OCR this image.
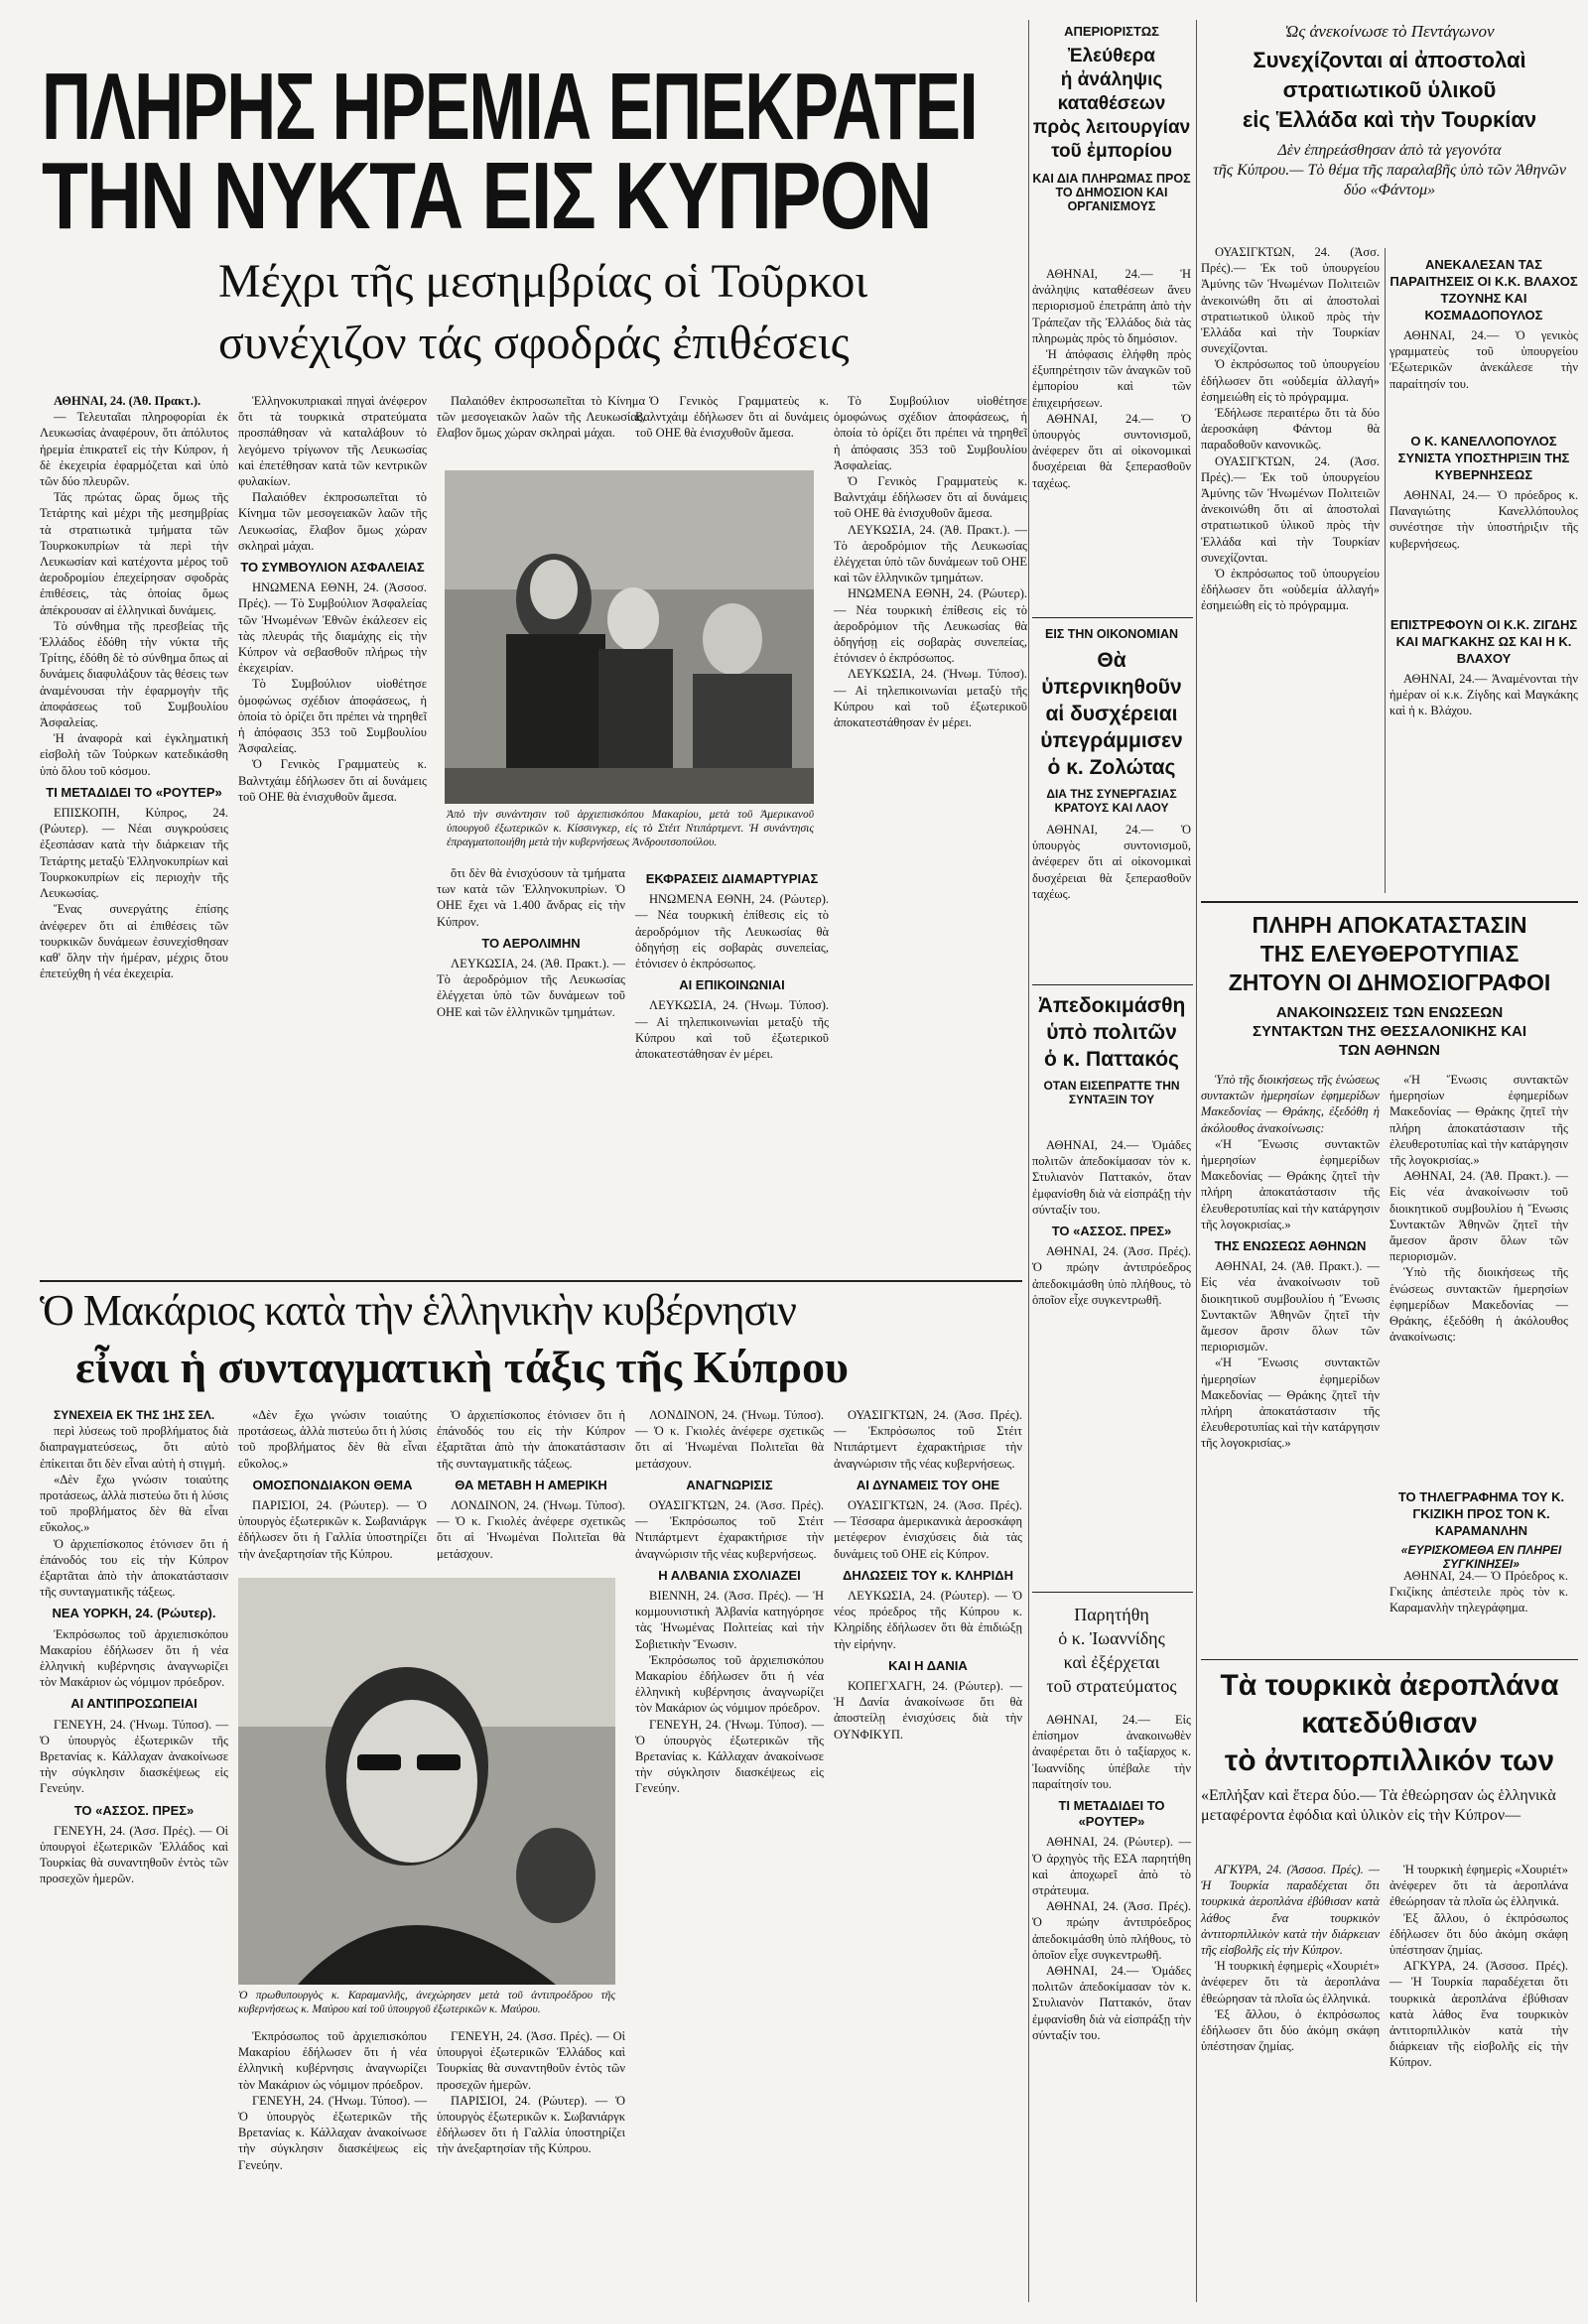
ΠΛΗΡΗΣ ΗΡΕΜΙΑ ΕΠΕΚΡΑΤΕΙ
ΤΗΝ ΝΥΚΤΑ ΕΙΣ ΚΥΠΡΟΝ
Μέχρι τῆς μεσημβρίας οἱ Τοῦρκοι
συνέχιζον τάς σφοδράς ἐπιθέσεις

ΑΘΗΝΑΙ, 24. (Ἀθ. Πρακτ.).

— Τελευταῖαι πληροφορίαι ἐκ Λευκωσίας ἀναφέρουν, ὅτι ἀπόλυτος ἠρεμία ἐπικρατεῖ εἰς τὴν Κύπρον, ἡ δὲ ἐκεχειρία ἐφαρμόζεται καὶ ὑπὸ τῶν δύο πλευρῶν.

Τάς πρώτας ὥρας ὅμως τῆς Τετάρτης καὶ μέχρι τῆς μεσημβρίας τὰ στρατιωτικὰ τμήματα τῶν Τουρκοκυπρίων τὰ περὶ τὴν Λευκωσίαν καὶ κατέχοντα μέρος τοῦ ἀεροδρομίου ἐπεχείρησαν σφοδρὰς ἐπιθέσεις, τὰς ὁποίας ὅμως ἀπέκρουσαν αἱ ἑλληνικαὶ δυνάμεις.

Τὸ σύνθημα τῆς πρεσβείας τῆς Ἑλλάδος ἐδόθη τὴν νύκτα τῆς Τρίτης, ἐδόθη δὲ τὸ σύνθημα ὅπως αἱ δυνάμεις διαφυλάξουν τὰς θέσεις των ἀναμένουσαι τὴν ἐφαρμογὴν τῆς ἀποφάσεως τοῦ Συμβουλίου Ἀσφαλείας.

Ἡ ἀναφορὰ καὶ ἐγκληματικὴ εἰσβολὴ τῶν Τούρκων κατεδικάσθη ὑπὸ ὅλου τοῦ κόσμου.

ΤΙ ΜΕΤΑΔΙΔΕΙ ΤΟ «ΡΟΥΤΕΡ»

ΕΠΙΣΚΟΠΗ, Κύπρος, 24. (Ρώυτερ). — Νέαι συγκρούσεις ἐξεσπάσαν κατὰ τὴν διάρκειαν τῆς Τετάρτης μεταξὺ Ἑλληνοκυπρίων καὶ Τουρκοκυπρίων εἰς περιοχὴν τῆς Λευκωσίας.

Ἕνας συνεργάτης ἐπίσης ἀνέφερεν ὅτι αἱ ἐπιθέσεις τῶν τουρκικῶν δυνάμεων ἐσυνεχίσθησαν καθ' ὅλην τὴν ἡμέραν, μέχρις ὅτου ἐπετεύχθη ἡ νέα ἐκεχειρία.

Ἑλληνοκυπριακαὶ πηγαὶ ἀνέφερον ὅτι τὰ τουρκικὰ στρατεύματα προσπάθησαν νὰ καταλάβουν τὸ λεγόμενο τρίγωνον τῆς Λευκωσίας καὶ ἐπετέθησαν κατὰ τῶν κεντρικῶν φυλακίων.

Παλαιόθεν ἐκπροσωπεῖται τὸ Κίνημα τῶν μεσογειακῶν λαῶν τῆς Λευκωσίας, ἔλαβον ὅμως χώραν σκληραὶ μάχαι.

ΤΟ ΣΥΜΒΟΥΛΙΟΝ ΑΣΦΑΛΕΙΑΣ

ΗΝΩΜΕΝΑ ΕΘΝΗ, 24. (Ἀσσοσ. Πρές). — Τὸ Συμβούλιον Ἀσφαλείας τῶν Ἡνωμένων Ἐθνῶν ἐκάλεσεν εἰς τὰς πλευράς τῆς διαμάχης εἰς τὴν Κύπρον νὰ σεβασθοῦν πλήρως τὴν ἐκεχειρίαν.

Τὸ Συμβούλιον υἱοθέτησε ὁμοφώνως σχέδιον ἀποφάσεως, ἡ ὁποία τὸ ὁρίζει ὅτι πρέπει νὰ τηρηθεῖ ἡ ἀπόφασις 353 τοῦ Συμβουλίου Ἀσφαλείας.

Ὁ Γενικὸς Γραμματεὺς κ. Βαλντχάιμ ἐδήλωσεν ὅτι αἱ δυνάμεις τοῦ ΟΗΕ θὰ ἐνισχυθοῦν ἄμεσα.

Παλαιόθεν ἐκπροσωπεῖται τὸ Κίνημα τῶν μεσογειακῶν λαῶν τῆς Λευκωσίας, ἔλαβον ὅμως χώραν σκληραὶ μάχαι.

Ἀπὸ τὴν συνάντησιν τοῦ ἀρχιεπισκόπου Μακαρίου, μετὰ τοῦ Ἀμερικανοῦ ὑπουργοῦ ἐξωτερικῶν κ. Κίσσινγκερ, εἰς τὸ Στέιτ Ντιπάρτμεντ. Ἡ συνάντησις ἐπραγματοποιήθη μετὰ τὴν κυβερνήσεως Ἀνδρουτσοπούλου.

ὅτι δὲν θὰ ἐνισχύσουν τὰ τμήματα των κατὰ τῶν Ἑλληνοκυπρίων. Ὁ ΟΗΕ ἔχει νὰ 1.400 ἄνδρας εἰς τὴν Κύπρον.

ΤΟ ΑΕΡΟΛΙΜΗΝ

ΛΕΥΚΩΣΙΑ, 24. (Ἀθ. Πρακτ.). — Τὸ ἀεροδρόμιον τῆς Λευκωσίας ἐλέγχεται ὑπὸ τῶν δυνάμεων τοῦ ΟΗΕ καὶ τῶν ἑλληνικῶν τμημάτων.

Ὁ Γενικὸς Γραμματεὺς κ. Βαλντχάιμ ἐδήλωσεν ὅτι αἱ δυνάμεις τοῦ ΟΗΕ θὰ ἐνισχυθοῦν ἄμεσα.

ΕΚΦΡΑΣΕΙΣ ΔΙΑΜΑΡΤΥΡΙΑΣ

ΗΝΩΜΕΝΑ ΕΘΝΗ, 24. (Ρώυτερ). — Νέα τουρκικὴ ἐπίθεσις εἰς τὸ ἀεροδρόμιον τῆς Λευκωσίας θὰ ὀδηγήσῃ εἰς σοβαρὰς συνεπείας, ἐτόνισεν ὁ ἐκπρόσωπος.

ΑΙ ΕΠΙΚΟΙΝΩΝΙΑΙ

ΛΕΥΚΩΣΙΑ, 24. (Ἡνωμ. Τύποσ). — Αἱ τηλεπικοινωνίαι μεταξὺ τῆς Κύπρου καὶ τοῦ ἐξωτερικοῦ ἀποκατεστάθησαν ἐν μέρει.

Τὸ Συμβούλιον υἱοθέτησε ὁμοφώνως σχέδιον ἀποφάσεως, ἡ ὁποία τὸ ὁρίζει ὅτι πρέπει νὰ τηρηθεῖ ἡ ἀπόφασις 353 τοῦ Συμβουλίου Ἀσφαλείας.

Ὁ Γενικὸς Γραμματεὺς κ. Βαλντχάιμ ἐδήλωσεν ὅτι αἱ δυνάμεις τοῦ ΟΗΕ θὰ ἐνισχυθοῦν ἄμεσα.

ΛΕΥΚΩΣΙΑ, 24. (Ἀθ. Πρακτ.). — Τὸ ἀεροδρόμιον τῆς Λευκωσίας ἐλέγχεται ὑπὸ τῶν δυνάμεων τοῦ ΟΗΕ καὶ τῶν ἑλληνικῶν τμημάτων.

ΗΝΩΜΕΝΑ ΕΘΝΗ, 24. (Ρώυτερ). — Νέα τουρκικὴ ἐπίθεσις εἰς τὸ ἀεροδρόμιον τῆς Λευκωσίας θὰ ὀδηγήσῃ εἰς σοβαρὰς συνεπείας, ἐτόνισεν ὁ ἐκπρόσωπος.

ΛΕΥΚΩΣΙΑ, 24. (Ἡνωμ. Τύποσ). — Αἱ τηλεπικοινωνίαι μεταξὺ τῆς Κύπρου καὶ τοῦ ἐξωτερικοῦ ἀποκατεστάθησαν ἐν μέρει.

ΑΠΕΡΙΟΡΙΣΤΩΣ
Ἐλεύθερα
ἡ ἀνάληψις
καταθέσεων
πρὸς λειτουργίαν
τοῦ ἐμπορίου
ΚΑΙ ΔΙΑ ΠΛΗΡΩΜΑΣ ΠΡΟΣ ΤΟ ΔΗΜΟΣΙΟΝ ΚΑΙ ΟΡΓΑΝΙΣΜΟΥΣ

ΑΘΗΝΑΙ, 24.— Ἡ ἀνάληψις καταθέσεων ἄνευ περιορισμοῦ ἐπετράπη ἀπὸ τὴν Τράπεζαν τῆς Ἑλλάδος διὰ τὰς πληρωμὰς πρὸς τὸ δημόσιον.

Ἡ ἀπόφασις ἐλήφθη πρὸς ἐξυπηρέτησιν τῶν ἀναγκῶν τοῦ ἐμπορίου καὶ τῶν ἐπιχειρήσεων.

ΑΘΗΝΑΙ, 24.— Ὁ ὑπουργὸς συντονισμοῦ, ἀνέφερεν ὅτι αἱ οἰκονομικαὶ δυσχέρειαι θὰ ξεπερασθοῦν ταχέως.

ΕΙΣ ΤΗΝ ΟΙΚΟΝΟΜΙΑΝ
Θὰ ὑπερνικηθοῦν
αἱ δυσχέρειαι
ὑπεγράμμισεν
ὁ κ. Ζολώτας
ΔΙΑ ΤΗΣ ΣΥΝΕΡΓΑΣΙΑΣ ΚΡΑΤΟΥΣ ΚΑΙ ΛΑΟΥ

ΑΘΗΝΑΙ, 24.— Ὁ ὑπουργὸς συντονισμοῦ, ἀνέφερεν ὅτι αἱ οἰκονομικαὶ δυσχέρειαι θὰ ξεπερασθοῦν ταχέως.

Ἀπεδοκιμάσθη
ὑπὸ πολιτῶν
ὁ κ. Παττακός
ΟΤΑΝ ΕΙΣΕΠΡΑΤΤΕ ΤΗΝ ΣΥΝΤΑΞΙΝ ΤΟΥ

ΑΘΗΝΑΙ, 24.— Ὁμάδες πολιτῶν ἀπεδοκίμασαν τὸν κ. Στυλιανὸν Παττακόν, ὅταν ἐμφανίσθη διὰ νὰ εἰσπράξῃ τὴν σύνταξίν του.

ΤΟ «ΑΣΣΟΣ. ΠΡΕΣ»

ΑΘΗΝΑΙ, 24. (Ἀσσ. Πρές). Ὁ πρώην ἀντιπρόεδρος ἀπεδοκιμάσθη ὑπὸ πλήθους, τὸ ὁποῖον εἶχε συγκεντρωθῆ.

Παρητήθη
ὁ κ. Ἰωαννίδης
καὶ ἐξέρχεται
τοῦ στρατεύματος

ΑΘΗΝΑΙ, 24.— Εἰς ἐπίσημον ἀνακοινωθὲν ἀναφέρεται ὅτι ὁ ταξίαρχος κ. Ἰωαννίδης ὑπέβαλε τὴν παραίτησίν του.

ΤΙ ΜΕΤΑΔΙΔΕΙ ΤΟ «ΡΟΥΤΕΡ»

ΑΘΗΝΑΙ, 24. (Ρώυτερ). — Ὁ ἀρχηγὸς τῆς ΕΣΑ παρητήθη καὶ ἀποχωρεῖ ἀπὸ τὸ στράτευμα.

ΑΘΗΝΑΙ, 24. (Ἀσσ. Πρές). Ὁ πρώην ἀντιπρόεδρος ἀπεδοκιμάσθη ὑπὸ πλήθους, τὸ ὁποῖον εἶχε συγκεντρωθῆ.

ΑΘΗΝΑΙ, 24.— Ὁμάδες πολιτῶν ἀπεδοκίμασαν τὸν κ. Στυλιανὸν Παττακόν, ὅταν ἐμφανίσθη διὰ νὰ εἰσπράξῃ τὴν σύνταξίν του.

Ὡς ἀνεκοίνωσε τὸ Πεντάγωνον
Συνεχίζονται αἱ ἀποστολαὶ
στρατιωτικοῦ ὑλικοῦ
εἰς Ἑλλάδα καὶ τὴν Τουρκίαν
Δὲν ἐπηρεάσθησαν ἀπὸ τὰ γεγονότα
τῆς Κύπρου.— Τὸ θέμα τῆς παραλαβῆς ὑπὸ τῶν Ἀθηνῶν δύο «Φάντομ»

ΟΥΑΣΙΓΚΤΩΝ, 24. (Ἀσσ. Πρές).— Ἐκ τοῦ ὑπουργείου Ἀμύνης τῶν Ἡνωμένων Πολιτειῶν ἀνεκοινώθη ὅτι αἱ ἀποστολαὶ στρατιωτικοῦ ὑλικοῦ πρὸς τὴν Ἑλλάδα καὶ τὴν Τουρκίαν συνεχίζονται.

Ὁ ἐκπρόσωπος τοῦ ὑπουργείου ἐδήλωσεν ὅτι «οὐδεμία ἀλλαγή» ἐσημειώθη εἰς τὸ πρόγραμμα.

Ἐδήλωσε περαιτέρω ὅτι τὰ δύο ἀεροσκάφη Φάντομ θὰ παραδοθοῦν κανονικῶς.

ΟΥΑΣΙΓΚΤΩΝ, 24. (Ἀσσ. Πρές).— Ἐκ τοῦ ὑπουργείου Ἀμύνης τῶν Ἡνωμένων Πολιτειῶν ἀνεκοινώθη ὅτι αἱ ἀποστολαὶ στρατιωτικοῦ ὑλικοῦ πρὸς τὴν Ἑλλάδα καὶ τὴν Τουρκίαν συνεχίζονται.

Ὁ ἐκπρόσωπος τοῦ ὑπουργείου ἐδήλωσεν ὅτι «οὐδεμία ἀλλαγή» ἐσημειώθη εἰς τὸ πρόγραμμα.

ΑΝΕΚΑΛΕΣΑΝ ΤΑΣ ΠΑΡΑΙΤΗΣΕΙΣ ΟΙ Κ.Κ. ΒΛΑΧΟΣ ΤΖΟΥΝΗΣ ΚΑΙ ΚΟΣΜΑΔΟΠΟΥΛΟΣ

ΑΘΗΝΑΙ, 24.— Ὁ γενικὸς γραμματεὺς τοῦ ὑπουργείου Ἐξωτερικῶν ἀνεκάλεσε τὴν παραίτησίν του.

Ο Κ. ΚΑΝΕΛΛΟΠΟΥΛΟΣ ΣΥΝΙΣΤΑ ΥΠΟΣΤΗΡΙΞΙΝ ΤΗΣ ΚΥΒΕΡΝΗΣΕΩΣ

ΑΘΗΝΑΙ, 24.— Ὁ πρόεδρος κ. Παναγιώτης Κανελλόπουλος συνέστησε τὴν ὑποστήριξιν τῆς κυβερνήσεως.

ΕΠΙΣΤΡΕΦΟΥΝ ΟΙ Κ.Κ. ΖΙΓΔΗΣ ΚΑΙ ΜΑΓΚΑΚΗΣ ΩΣ ΚΑΙ Η Κ. ΒΛΑΧΟΥ

ΑΘΗΝΑΙ, 24.— Ἀναμένονται τὴν ἡμέραν οἱ κ.κ. Ζίγδης καὶ Μαγκάκης καὶ ἡ κ. Βλάχου.

ΠΛΗΡΗ ΑΠΟΚΑΤΑΣΤΑΣΙΝ
ΤΗΣ ΕΛΕΥΘΕΡΟΤΥΠΙΑΣ
ΖΗΤΟΥΝ ΟΙ ΔΗΜΟΣΙΟΓΡΑΦΟΙ
ΑΝΑΚΟΙΝΩΣΕΙΣ ΤΩΝ ΕΝΩΣΕΩΝ ΣΥΝΤΑΚΤΩΝ ΤΗΣ ΘΕΣΣΑΛΟΝΙΚΗΣ ΚΑΙ ΤΩΝ ΑΘΗΝΩΝ

Ὑπὸ τῆς διοικήσεως τῆς ἑνώσεως συντακτῶν ἡμερησίων ἐφημερίδων Μακεδονίας — Θράκης, ἐξεδόθη ἡ ἀκόλουθος ἀνακοίνωσις:

«Ἡ Ἕνωσις συντακτῶν ἡμερησίων ἐφημερίδων Μακεδονίας — Θράκης ζητεῖ τὴν πλήρη ἀποκατάστασιν τῆς ἐλευθεροτυπίας καὶ τὴν κατάργησιν τῆς λογοκρισίας.»

ΤΗΣ ΕΝΩΣΕΩΣ ΑΘΗΝΩΝ

ΑΘΗΝΑΙ, 24. (Ἀθ. Πρακτ.). — Εἰς νέα ἀνακοίνωσιν τοῦ διοικητικοῦ συμβουλίου ἡ Ἕνωσις Συντακτῶν Ἀθηνῶν ζητεῖ τὴν ἄμεσον ἄρσιν ὅλων τῶν περιορισμῶν.

«Ἡ Ἕνωσις συντακτῶν ἡμερησίων ἐφημερίδων Μακεδονίας — Θράκης ζητεῖ τὴν πλήρη ἀποκατάστασιν τῆς ἐλευθεροτυπίας καὶ τὴν κατάργησιν τῆς λογοκρισίας.»

«Ἡ Ἕνωσις συντακτῶν ἡμερησίων ἐφημερίδων Μακεδονίας — Θράκης ζητεῖ τὴν πλήρη ἀποκατάστασιν τῆς ἐλευθεροτυπίας καὶ τὴν κατάργησιν τῆς λογοκρισίας.»

ΑΘΗΝΑΙ, 24. (Ἀθ. Πρακτ.). — Εἰς νέα ἀνακοίνωσιν τοῦ διοικητικοῦ συμβουλίου ἡ Ἕνωσις Συντακτῶν Ἀθηνῶν ζητεῖ τὴν ἄμεσον ἄρσιν ὅλων τῶν περιορισμῶν.

Ὑπὸ τῆς διοικήσεως τῆς ἑνώσεως συντακτῶν ἡμερησίων ἐφημερίδων Μακεδονίας — Θράκης, ἐξεδόθη ἡ ἀκόλουθος ἀνακοίνωσις:

ΤΟ ΤΗΛΕΓΡΑΦΗΜΑ ΤΟΥ Κ. ΓΚΙΖΙΚΗ ΠΡΟΣ ΤΟΝ Κ. ΚΑΡΑΜΑΝΛΗΝ
«ΕΥΡΙΣΚΟΜΕΘΑ ΕΝ ΠΛΗΡΕΙ ΣΥΓΚΙΝΗΣΕΙ»

ΑΘΗΝΑΙ, 24.— Ὁ Πρόεδρος κ. Γκιζίκης ἀπέστειλε πρὸς τὸν κ. Καραμανλὴν τηλεγράφημα.

Τὰ τουρκικὰ ἀεροπλάνα
κατεδύθισαν
τὸ ἀντιτορπιλλικόν των
«Επλήξαν καὶ ἕτερα δύο.— Τὰ ἐθεώρησαν ὡς ἑλληνικὰ μεταφέροντα ἐφόδια καὶ ὑλικὸν εἰς τὴν Κύπρον—

ΑΓΚΥΡΑ, 24. (Ἀσσοσ. Πρές). — Ἡ Τουρκία παραδέχεται ὅτι τουρκικὰ ἀεροπλάνα ἐβύθισαν κατὰ λάθος ἕνα τουρκικὸν ἀντιτορπιλλικὸν κατὰ τὴν διάρκειαν τῆς εἰσβολῆς εἰς τὴν Κύπρον.

Ἡ τουρκικὴ ἐφημερὶς «Χουριέτ» ἀνέφερεν ὅτι τὰ ἀεροπλάνα ἐθεώρησαν τὰ πλοῖα ὡς ἑλληνικά.

Ἐξ ἄλλου, ὁ ἐκπρόσωπος ἐδήλωσεν ὅτι δύο ἀκόμη σκάφη ὑπέστησαν ζημίας.

Ἡ τουρκικὴ ἐφημερὶς «Χουριέτ» ἀνέφερεν ὅτι τὰ ἀεροπλάνα ἐθεώρησαν τὰ πλοῖα ὡς ἑλληνικά.

Ἐξ ἄλλου, ὁ ἐκπρόσωπος ἐδήλωσεν ὅτι δύο ἀκόμη σκάφη ὑπέστησαν ζημίας.

ΑΓΚΥΡΑ, 24. (Ἀσσοσ. Πρές). — Ἡ Τουρκία παραδέχεται ὅτι τουρκικὰ ἀεροπλάνα ἐβύθισαν κατὰ λάθος ἕνα τουρκικὸν ἀντιτορπιλλικὸν κατὰ τὴν διάρκειαν τῆς εἰσβολῆς εἰς τὴν Κύπρον.

Ὁ Μακάριος κατὰ τὴν ἑλληνικὴν κυβέρνησιν
εἶναι ἡ συνταγματικὴ τάξις τῆς Κύπρου

ΣΥΝΕΧΕΙΑ ΕΚ ΤΗΣ 1ΗΣ ΣΕΛ.

περὶ λύσεως τοῦ προβλήματος διὰ διαπραγματεύσεως, ὅτι αὐτὸ ἐπίκειται ὅτι δὲν εἶναι αὐτὴ ἡ στιγμή.

«Δὲν ἔχω γνώσιν τοιαύτης προτάσεως, ἀλλὰ πιστεύω ὅτι ἡ λύσις τοῦ προβλήματος δὲν θὰ εἶναι εὔκολος.»

Ὁ ἀρχιεπίσκοπος ἐτόνισεν ὅτι ἡ ἐπάνοδός του εἰς τὴν Κύπρον ἐξαρτᾶται ἀπὸ τὴν ἀποκατάστασιν τῆς συνταγματικῆς τάξεως.

ΝΕΑ ΥΟΡΚΗ, 24. (Ρώυτερ).

Ἐκπρόσωπος τοῦ ἀρχιεπισκόπου Μακαρίου ἐδήλωσεν ὅτι ἡ νέα ἑλληνικὴ κυβέρνησις ἀναγνωρίζει τὸν Μακάριον ὡς νόμιμον πρόεδρον.

ΑΙ ΑΝΤΙΠΡΟΣΩΠΕΙΑΙ

ΓΕΝΕΥΗ, 24. (Ἡνωμ. Τύποσ). — Ὁ ὑπουργὸς ἐξωτερικῶν τῆς Βρετανίας κ. Κάλλαχαν ἀνακοίνωσε τὴν σύγκλησιν διασκέψεως εἰς Γενεύην.

ΤΟ «ΑΣΣΟΣ. ΠΡΕΣ»

ΓΕΝΕΥΗ, 24. (Ἀσσ. Πρές). — Οἱ ὑπουργοὶ ἐξωτερικῶν Ἑλλάδος καὶ Τουρκίας θὰ συναντηθοῦν ἐντὸς τῶν προσεχῶν ἡμερῶν.

«Δὲν ἔχω γνώσιν τοιαύτης προτάσεως, ἀλλὰ πιστεύω ὅτι ἡ λύσις τοῦ προβλήματος δὲν θὰ εἶναι εὔκολος.»

ΟΜΟΣΠΟΝΔΙΑΚΟΝ ΘΕΜΑ

ΠΑΡΙΣΙΟΙ, 24. (Ρώυτερ). — Ὁ ὑπουργὸς ἐξωτερικῶν κ. Σωβανιάργκ ἐδήλωσεν ὅτι ἡ Γαλλία ὑποστηρίζει τὴν ἀνεξαρτησίαν τῆς Κύπρου.

Ὁ πρωθυπουργὸς κ. Καραμανλῆς, ἀνεχώρησεν μετὰ τοῦ ἀντιπροέδρου τῆς κυβερνήσεως κ. Μαύρου καὶ τοῦ ὑπουργοῦ ἐξωτερικῶν κ. Μαύρου.

Ὁ ἀρχιεπίσκοπος ἐτόνισεν ὅτι ἡ ἐπάνοδός του εἰς τὴν Κύπρον ἐξαρτᾶται ἀπὸ τὴν ἀποκατάστασιν τῆς συνταγματικῆς τάξεως.

ΘΑ ΜΕΤΑΒΗ Η ΑΜΕΡΙΚΗ

ΛΟΝΔΙΝΟΝ, 24. (Ἡνωμ. Τύποσ). — Ὁ κ. Γκιολές ἀνέφερε σχετικῶς ὅτι αἱ Ἡνωμέναι Πολιτεῖαι θὰ μετάσχουν.

Ἐκπρόσωπος τοῦ ἀρχιεπισκόπου Μακαρίου ἐδήλωσεν ὅτι ἡ νέα ἑλληνικὴ κυβέρνησις ἀναγνωρίζει τὸν Μακάριον ὡς νόμιμον πρόεδρον.

ΓΕΝΕΥΗ, 24. (Ἡνωμ. Τύποσ). — Ὁ ὑπουργὸς ἐξωτερικῶν τῆς Βρετανίας κ. Κάλλαχαν ἀνακοίνωσε τὴν σύγκλησιν διασκέψεως εἰς Γενεύην.

ΓΕΝΕΥΗ, 24. (Ἀσσ. Πρές). — Οἱ ὑπουργοὶ ἐξωτερικῶν Ἑλλάδος καὶ Τουρκίας θὰ συναντηθοῦν ἐντὸς τῶν προσεχῶν ἡμερῶν.

ΠΑΡΙΣΙΟΙ, 24. (Ρώυτερ). — Ὁ ὑπουργὸς ἐξωτερικῶν κ. Σωβανιάργκ ἐδήλωσεν ὅτι ἡ Γαλλία ὑποστηρίζει τὴν ἀνεξαρτησίαν τῆς Κύπρου.

ΛΟΝΔΙΝΟΝ, 24. (Ἡνωμ. Τύποσ). — Ὁ κ. Γκιολές ἀνέφερε σχετικῶς ὅτι αἱ Ἡνωμέναι Πολιτεῖαι θὰ μετάσχουν.

ΑΝΑΓΝΩΡΙΣΙΣ

ΟΥΑΣΙΓΚΤΩΝ, 24. (Ἀσσ. Πρές). — Ἐκπρόσωπος τοῦ Στέιτ Ντιπάρτμεντ ἐχαρακτήρισε τὴν ἀναγνώρισιν τῆς νέας κυβερνήσεως.

Η ΑΛΒΑΝΙΑ ΣΧΟΛΙΑΖΕΙ

ΒΙΕΝΝΗ, 24. (Ἀσσ. Πρές). — Ἡ κομμουνιστικὴ Ἀλβανία κατηγόρησε τὰς Ἡνωμένας Πολιτείας καὶ τὴν Σοβιετικὴν Ἕνωσιν.

Ἐκπρόσωπος τοῦ ἀρχιεπισκόπου Μακαρίου ἐδήλωσεν ὅτι ἡ νέα ἑλληνικὴ κυβέρνησις ἀναγνωρίζει τὸν Μακάριον ὡς νόμιμον πρόεδρον.

ΓΕΝΕΥΗ, 24. (Ἡνωμ. Τύποσ). — Ὁ ὑπουργὸς ἐξωτερικῶν τῆς Βρετανίας κ. Κάλλαχαν ἀνακοίνωσε τὴν σύγκλησιν διασκέψεως εἰς Γενεύην.

ΟΥΑΣΙΓΚΤΩΝ, 24. (Ἀσσ. Πρές). — Ἐκπρόσωπος τοῦ Στέιτ Ντιπάρτμεντ ἐχαρακτήρισε τὴν ἀναγνώρισιν τῆς νέας κυβερνήσεως.

ΑΙ ΔΥΝΑΜΕΙΣ ΤΟΥ ΟΗΕ

ΟΥΑΣΙΓΚΤΩΝ, 24. (Ἀσσ. Πρές). — Τέσσαρα ἀμερικανικὰ ἀεροσκάφη μετέφερον ἐνισχύσεις διὰ τὰς δυνάμεις τοῦ ΟΗΕ εἰς Κύπρον.

ΔΗΛΩΣΕΙΣ ΤΟΥ κ. ΚΛΗΡΙΔΗ

ΛΕΥΚΩΣΙΑ, 24. (Ρώυτερ). — Ὁ νέος πρόεδρος τῆς Κύπρου κ. Κληρίδης ἐδήλωσεν ὅτι θὰ ἐπιδιώξῃ τὴν εἰρήνην.

ΚΑΙ Η ΔΑΝΙΑ

ΚΟΠΕΓΧΑΓΗ, 24. (Ρώυτερ). — Ἡ Δανία ἀνακοίνωσε ὅτι θὰ ἀποστείλῃ ἐνισχύσεις διὰ τὴν ΟΥΝΦΙΚΥΠ.
